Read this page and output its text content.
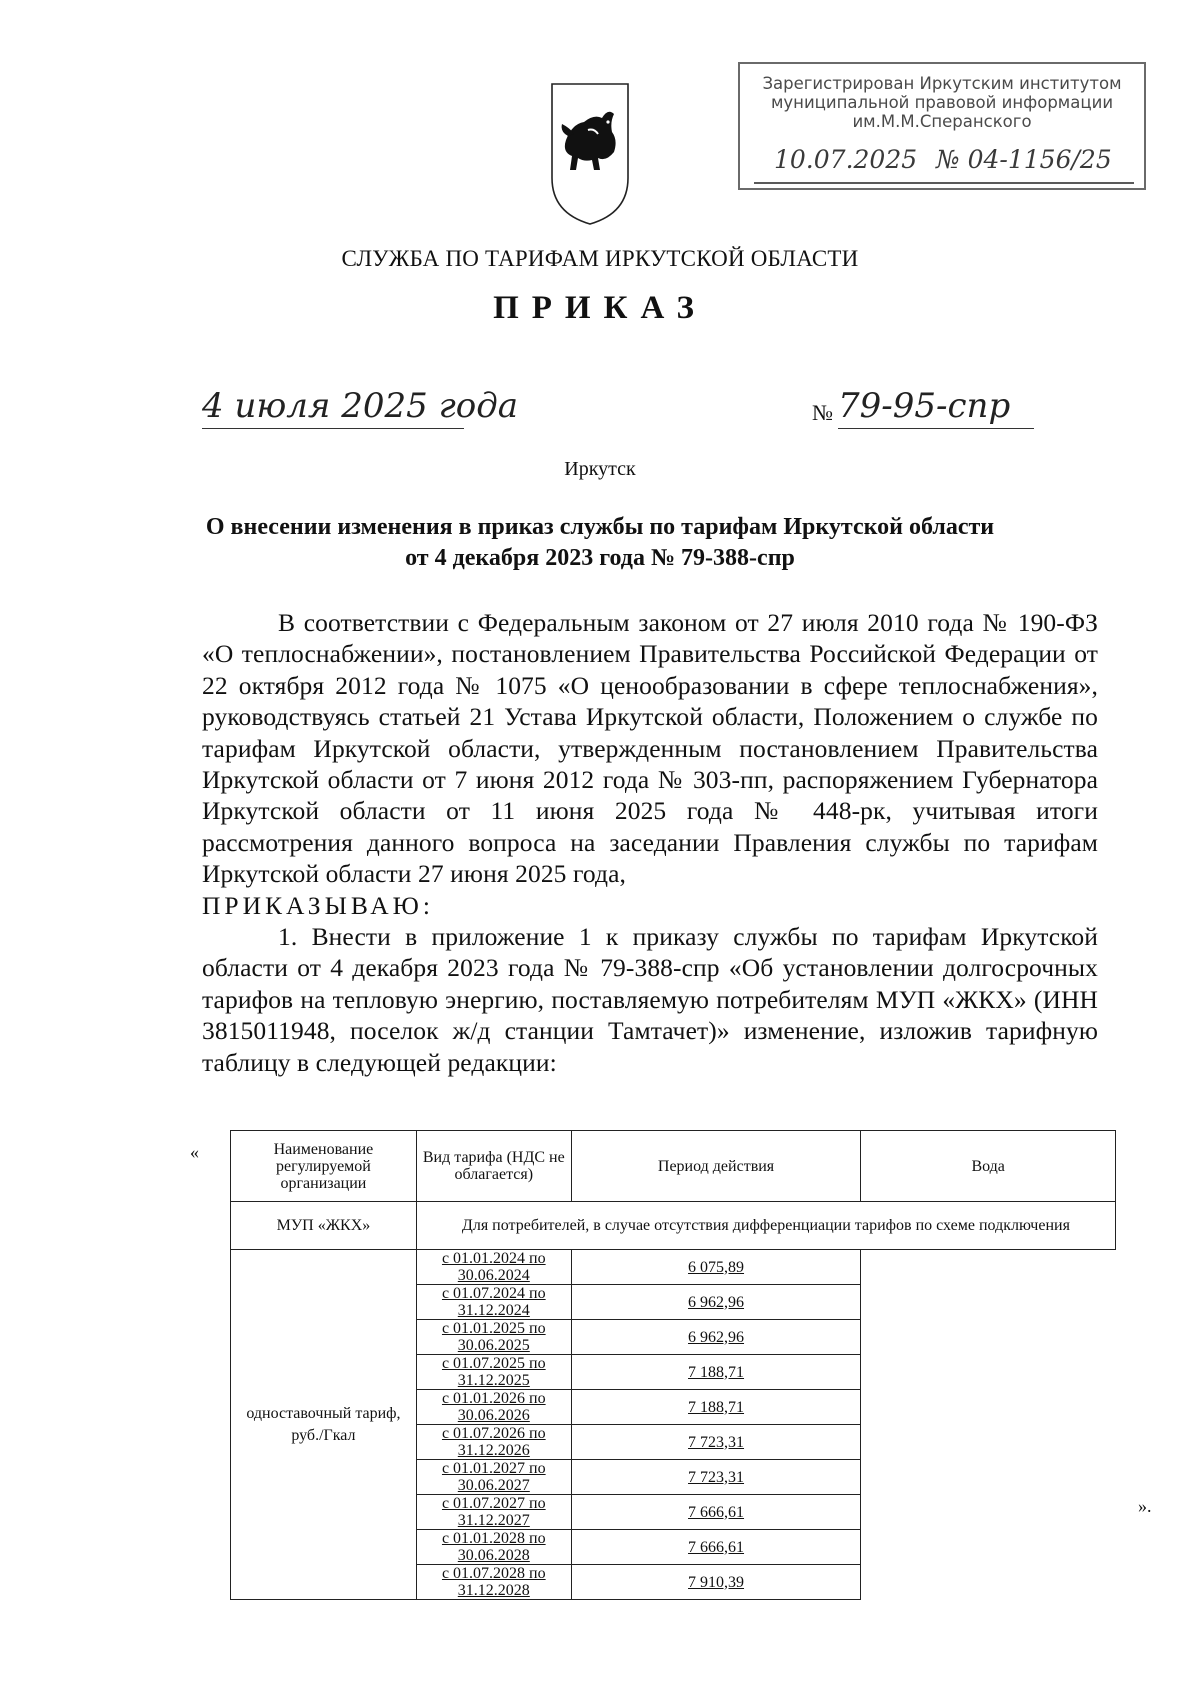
Зарегистрирован Иркутским институтом
муниципальной правовой информации
им.М.М.Сперанского
10.07.2025 № 04-1156/25
СЛУЖБА ПО ТАРИФАМ ИРКУТСКОЙ ОБЛАСТИ
ПРИКАЗ
4 июля 2025 года	№ 79-95-спр
Иркутск
О внесении изменения в приказ службы по тарифам Иркутской области
от 4 декабря 2023 года № 79-388-спр

В соответствии с Федеральным законом от 27 июля 2010 года № 190-ФЗ «О теплоснабжении», постановлением Правительства Российской Федерации от 22 октября 2012 года № 1075 «О ценообразовании в сфере теплоснабжения», руководствуясь статьей 21 Устава Иркутской области, Положением о службе по тарифам Иркутской области, утвержденным постановлением Правительства Иркутской области от 7 июня 2012 года № 303-пп, распоряжением Губернатора Иркутской области от 11 июня 2025 года № 448-рк, учитывая итоги рассмотрения данного вопроса на заседании Правления службы по тарифам Иркутской области 27 июня 2025 года,

ПРИКАЗЫВАЮ:

1. Внести в приложение 1 к приказу службы по тарифам Иркутской области от 4 декабря 2023 года № 79-388-спр «Об установлении долгосрочных тарифов на тепловую энергию, поставляемую потребителям МУП «ЖКХ» (ИНН 3815011948, поселок ж/д станции Тамтачет)» изменение, изложив тарифную таблицу в следующей редакции:

«	Наименование регулируемой организации	Вид тарифа (НДС не облагается)	Период действия	Вода
МУП «ЖКХ»	Для потребителей, в случае отсутствия дифференциации тарифов по схеме подключения		
одноставочный тариф, руб./Гкал	с 01.01.2024 по 30.06.2024	6 075,89	
	с 01.07.2024 по 31.12.2024	6 962,96	
	с 01.01.2025 по 30.06.2025	6 962,96	
	с 01.07.2025 по 31.12.2025	7 188,71	
	с 01.01.2026 по 30.06.2026	7 188,71	
	с 01.07.2026 по 31.12.2026	7 723,31	
	с 01.01.2027 по 30.06.2027	7 723,31	
	с 01.07.2027 по 31.12.2027	7 666,61	
	с 01.01.2028 по 30.06.2028	7 666,61	
	с 01.07.2028 по 31.12.2028	7 910,39	
».
